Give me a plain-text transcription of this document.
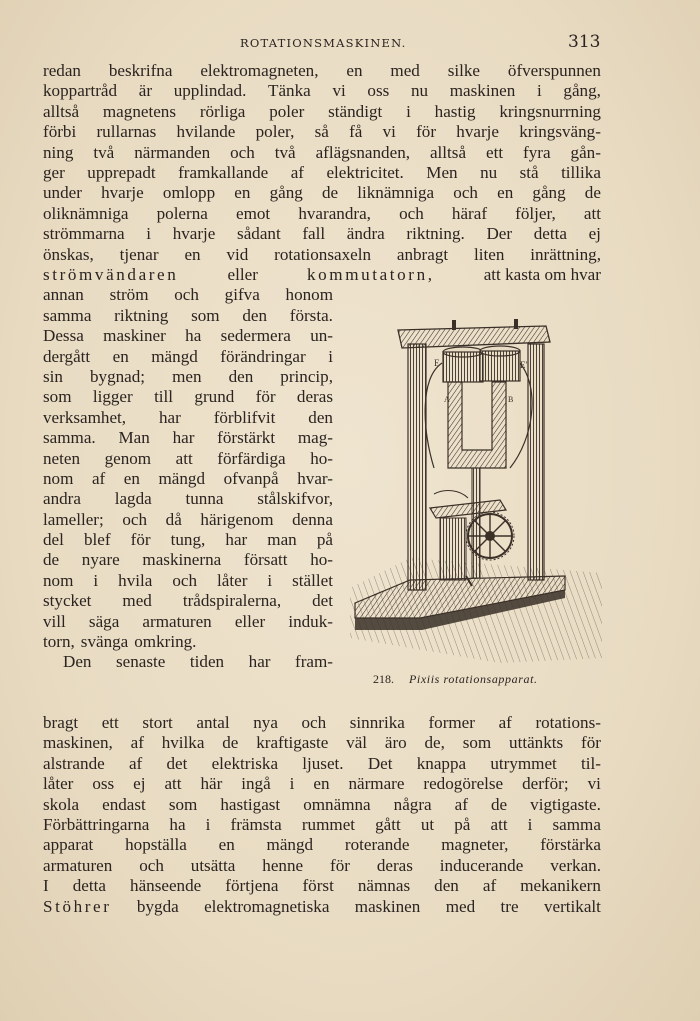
ROTATIONSMASKINEN.	313
redan beskrifna elektromagneten, en med silke öfverspunnen
koppartråd är upplindad. Tänka vi oss nu maskinen i gång,
alltså magnetens rörliga poler ständigt i hastig kringsnurrning
förbi rullarnas hvilande poler, så få vi för hvarje kringsväng-
ning två närmanden och två aflägsnanden, alltså ett fyra gån-
ger upprepadt framkallande af elektricitet. Men nu stå tillika
under hvarje omlopp en gång de liknämniga och en gång de
oliknämniga polerna emot hvarandra, och häraf följer, att
strömmarna i hvarje sådant fall ändra riktning. Der detta ej
önskas, tjenar en vid rotationsaxeln anbragt liten inrättning,
strömvändaren	eller	kommutatorn,	att kasta om hvar
annan ström och gifva honom
samma riktning som den första.
Dessa maskiner ha sedermera un-
dergått en mängd förändringar i
sin bygnad; men den princip,
som ligger till grund för deras
verksamhet, har förblifvit den
samma. Man har förstärkt mag-
neten genom att förfärdiga ho-
nom af en mängd ofvanpå hvar-
andra lagda tunna stålskifvor,
lameller; och då härigenom denna
del blef för tung, har man på
de nyare maskinerna försatt ho-
nom i hvila och låter i stället
stycket med trådspiralerna, det
vill säga armaturen eller induk-
torn, svänga omkring.
Den senaste tiden har fram-
bragt ett stort antal nya och sinnrika former af rotations-
maskinen, af hvilka de kraftigaste väl äro de, som uttänkts för
alstrande af det elektriska ljuset. Det knappa utrymmet til-
låter oss ej att här ingå i en närmare redogörelse derför; vi
skola endast som hastigast omnämna några af de vigtigaste.
Förbättringarna ha i främsta rummet gått ut på att i samma
apparat hopställa en mängd roterande magneter, förstärka
armaturen och utsätta henne för deras inducerande verkan.
I detta hänseende förtjena först nämnas den af mekanikern
Stöhrer bygda elektromagnetiska maskinen med tre vertikalt
E	E'
A	B
218. Pixiis rotationsapparat.
